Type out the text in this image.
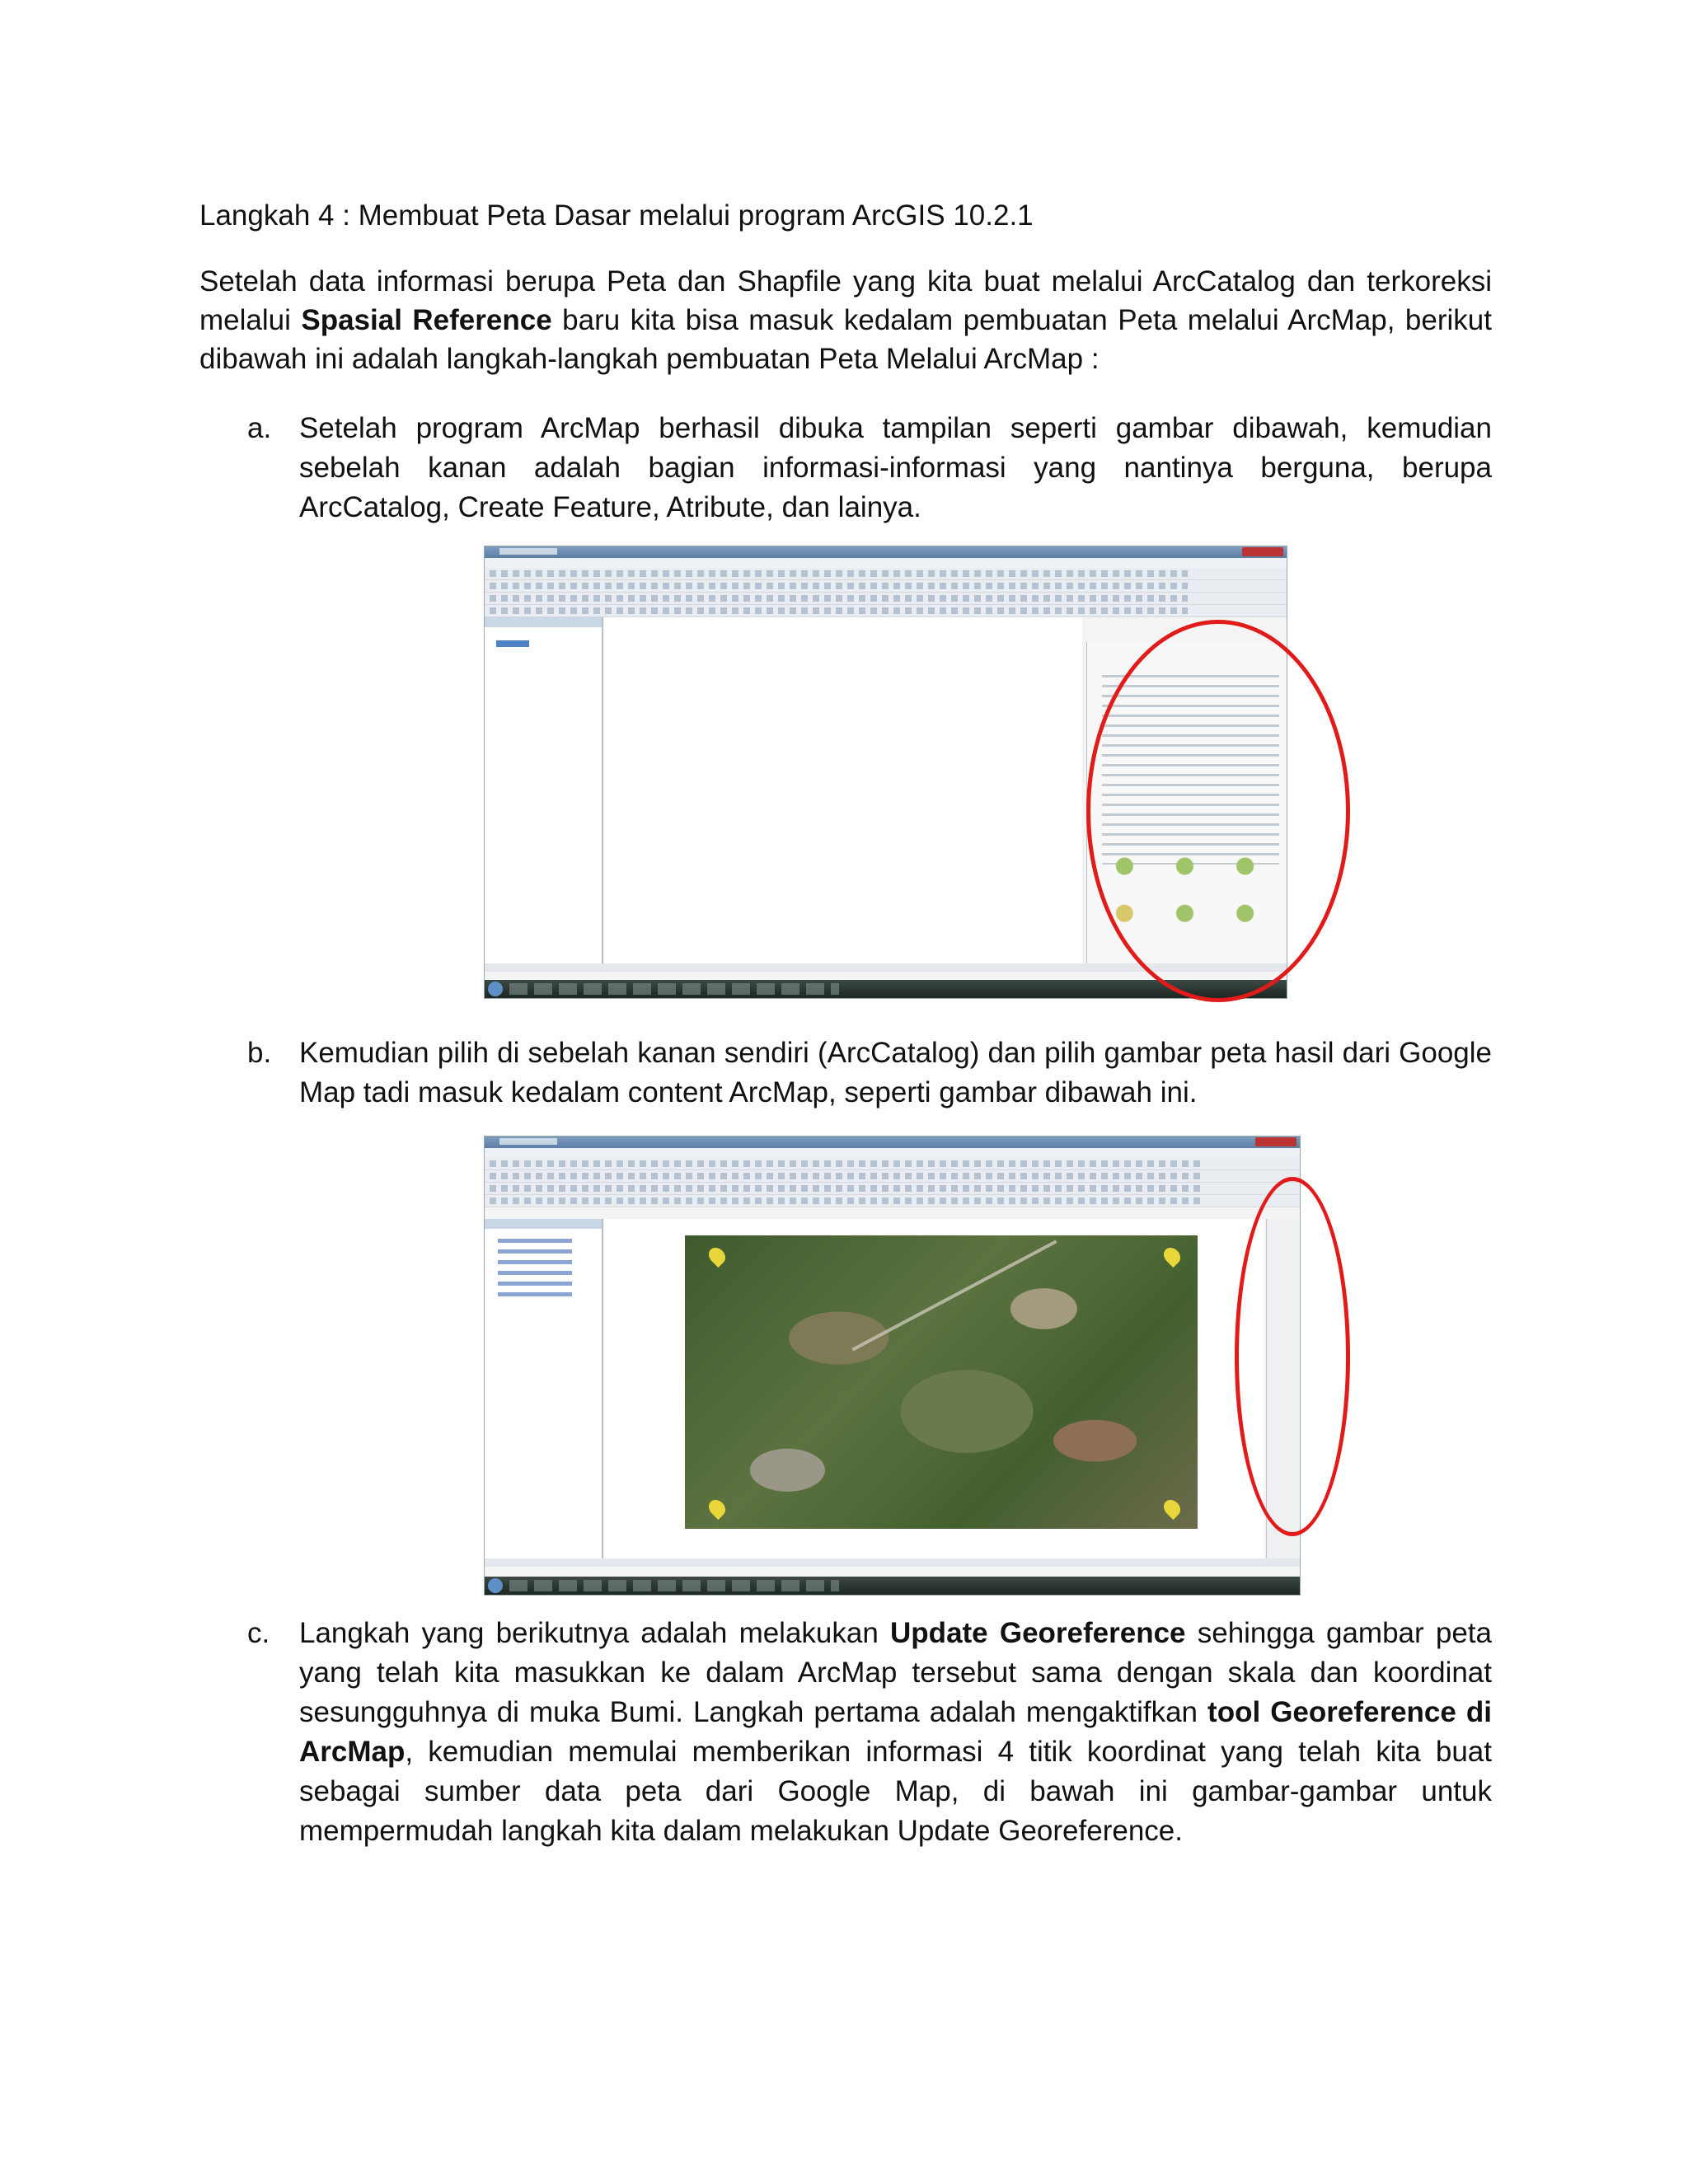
Langkah 4 : Membuat Peta Dasar melalui program ArcGIS 10.2.1
Setelah data informasi berupa Peta dan Shapfile yang kita buat melalui ArcCatalog dan terkoreksi melalui Spasial Reference baru kita bisa masuk kedalam pembuatan Peta melalui ArcMap, berikut dibawah ini adalah langkah-langkah pembuatan Peta Melalui ArcMap :
a. Setelah program ArcMap berhasil dibuka tampilan seperti gambar dibawah, kemudian sebelah kanan adalah bagian informasi-informasi yang nantinya berguna, berupa ArcCatalog, Create Feature, Atribute, dan lainya.
b. Kemudian pilih di sebelah kanan sendiri (ArcCatalog) dan pilih gambar peta hasil dari Google Map tadi masuk kedalam content ArcMap, seperti gambar dibawah ini.
c. Langkah yang berikutnya adalah melakukan Update Georeference sehingga gambar peta yang telah kita masukkan ke dalam ArcMap tersebut sama dengan skala dan koordinat sesungguhnya di muka Bumi. Langkah pertama adalah mengaktifkan tool Georeference di ArcMap, kemudian memulai memberikan informasi 4 titik koordinat yang telah kita buat sebagai sumber data peta dari Google Map, di bawah ini gambar-gambar untuk mempermudah langkah kita dalam melakukan Update Georeference.
